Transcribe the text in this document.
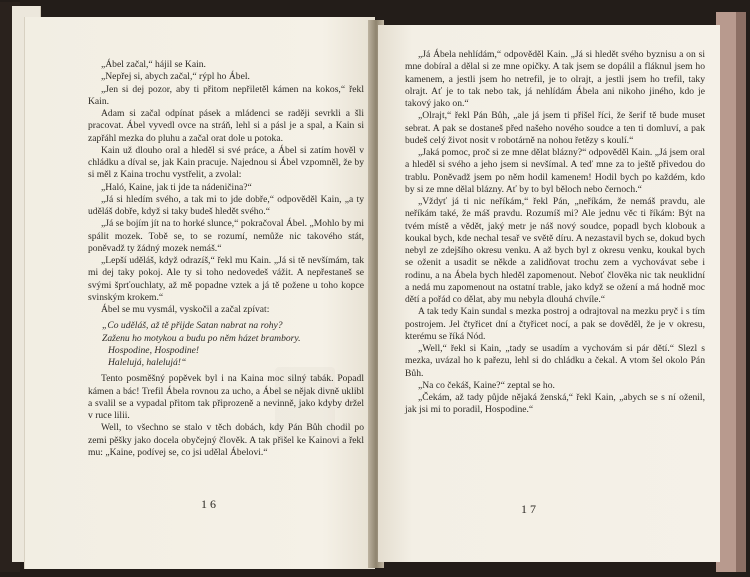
„Ábel začal,“ hájil se Kain.

„Nepřej si, abych začal,“ rýpl ho Ábel.

„Jen si dej pozor, aby ti přitom nepřiletěl kámen na kokos,“ řekl Kain.

Adam si začal odpínat pásek a mládenci se raději sevrkli a šli pracovat. Ábel vyvedl ovce na stráň, lehl si a pásl je a spal, a Kain si zapřáhl mezka do pluhu a začal orat dole u potoka.

Kain už dlouho oral a hleděl si své práce, a Ábel si zatím hověl v chládku a díval se, jak Kain pracuje. Najednou si Ábel vzpomněl, že by si měl z Kaina trochu vystřelit, a zvolal:

„Haló, Kaine, jak ti jde ta nádeničina?“

„Já si hledím svého, a tak mi to jde dobře,“ odpověděl Kain, „a ty uděláš dobře, když si taky budeš hledět svého.“

„Já se bojím jít na to horké slunce,“ pokračoval Ábel. „Mohlo by mi spálit mozek. Tobě se, to se rozumí, nemůže nic takového stát, poněvadž ty žádný mozek nemáš.“

„Lepší uděláš, když odrazíš,“ řekl mu Kain. „Já si tě nevšímám, tak mi dej taky pokoj. Ale ty si toho nedovedeš vážit. A nepřestaneš se svými šprťouchlaty, až mě popadne vztek a já tě požene u toho kopce svinským krokem.“

Ábel se mu vysmál, vyskočil a začal zpívat:

„Co uděláš, až tě přijde Satan nabrat na rohy?
Zaženu ho motykou a budu po něm házet brambory.
Hospodine, Hospodine!
Halelujá, halelujá!“

Tento posměšný popěvek byl i na Kaina moc silný tabák. Popadl kámen a bác! Trefil Ábela rovnou za ucho, a Ábel se nějak divně uklibl a svalil se a vypadal přitom tak připrozeně a nevinně, jako kdyby držel v ruce lilii.

Well, to všechno se stalo v těch dobách, kdy Pán Bůh chodil po zemi pěšky jako docela obyčejný člověk. A tak přišel ke Kainovi a řekl mu: „Kaine, podívej se, co jsi udělal Ábelovi.“

16

„Já Ábela nehlídám,“ odpověděl Kain. „Já si hledět svého byznisu a on si mne dobíral a dělal si ze mne opičky. A tak jsem se dopálil a fláknul jsem ho kamenem, a jestli jsem ho netrefil, je to olrajt, a jestli jsem ho trefil, taky olrajt. Ať je to tak nebo tak, já nehlídám Ábela ani nikoho jiného, kdo je takový jako on.“

„Olrajt,“ řekl Pán Bůh, „ale já jsem ti přišel říci, že šerif tě bude muset sebrat. A pak se dostaneš před našeho nového soudce a ten ti domluví, a pak budeš celý život nosit v robotárně na nohou řetězy s koulí.“

„Jaká pomoc, proč si ze mne dělat blázny?“ odpověděl Kain. „Já jsem oral a hleděl si svého a jeho jsem si nevšímal. A teď mne za to ještě přivedou do trablu. Poněvadž jsem po něm hodil kamenem! Hodil bych po každém, kdo by si ze mne dělal blázny. Ať by to byl běloch nebo černoch.“

„Vždyť já ti nic neříkám,“ řekl Pán, „neříkám, že nemáš pravdu, ale neříkám také, že máš pravdu. Rozumíš mi? Ale jednu věc ti říkám: Být na tvém místě a vědět, jaký metr je náš nový soudce, popadl bych klobouk a koukal bych, kde nechal tesař ve světě díru. A nezastavil bych se, dokud bych nebyl ze zdejšího okresu venku. A až bych byl z okresu venku, koukal bych se oženit a usadit se někde a zalidňovat trochu zem a vychovávat sebe i rodinu, a na Ábela bych hleděl zapomenout. Neboť člověka nic tak neuklidní a nedá mu zapomenout na ostatní trable, jako když se ožení a má hodně moc dětí a pořád co dělat, aby mu nebyla dlouhá chvíle.“

A tak tedy Kain sundal s mezka postroj a odrajtoval na mezku pryč i s tím postrojem. Jel čtyřicet dní a čtyřicet nocí, a pak se dověděl, že je v okresu, kterému se říká Nód.

„Well,“ řekl si Kain, „tady se usadím a vychovám si pár dětí.“ Slezl s mezka, uvázal ho k pařezu, lehl si do chládku a čekal. A vtom šel okolo Pán Bůh.

„Na co čekáš, Kaine?“ zeptal se ho.

„Čekám, až tady půjde nějaká ženská,“ řekl Kain, „abych se s ní oženil, jak jsi mi to poradil, Hospodine.“

17
